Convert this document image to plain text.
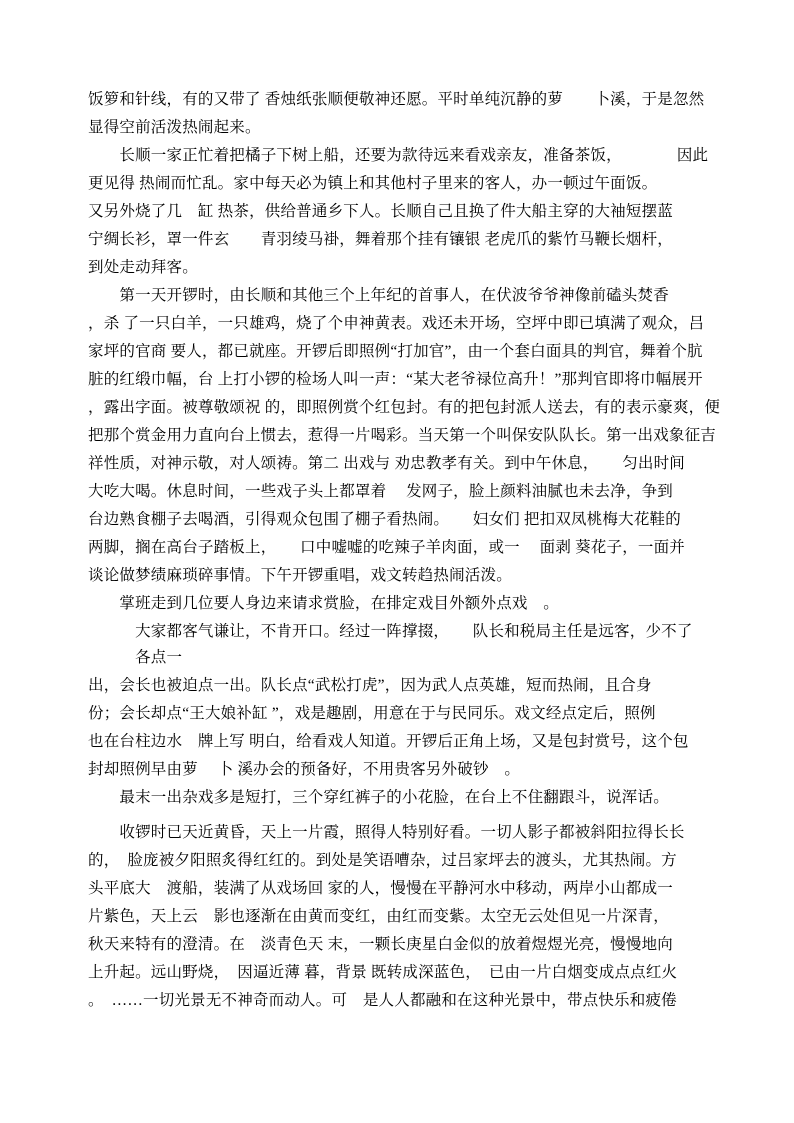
饭箩和针线，有的又带了 香烛纸张顺便敬神还愿。平时单纯沉静的萝　　卜溪，于是忽然
显得空前活泼热闹起来。
　　长顺一家正忙着把橘子下树上船，还要为款待远来看戏亲友，准备茶饭，　　　　因此
更见得 热闹而忙乱。家中每天必为镇上和其他村子里来的客人，办一顿过午面饭。
又另外烧了几　缸 热茶，供给普通乡下人。长顺自己且换了件大船主穿的大袖短摆蓝
宁绸长衫，罩一件玄　　青羽绫马褂，舞着那个挂有镶银 老虎爪的紫竹马鞭长烟杆，
到处走动拜客。
　　第一天开锣时，由长顺和其他三个上年纪的首事人，在伏波爷爷神像前磕头焚香
，杀 了一只白羊，一只雄鸡，烧了个申神黄表。戏还未开场，空坪中即已填满了观众，吕
家坪的官商 要人，都已就座。开锣后即照例“打加官”，由一个套白面具的判官，舞着个肮
脏的红缎巾幅，台 上打小锣的检场人叫一声：“某大老爷禄位高升！”那判官即将巾幅展开
，露出字面。被尊敬颂祝 的，即照例赏个红包封。有的把包封派人送去，有的表示豪爽，便
把那个赏金用力直向台上惯去，惹得一片喝彩。当天第一个叫保安队队长。第一出戏象征吉
祥性质，对神示敬，对人颂祷。第二 出戏与 劝忠教孝有关。到中午休息，　　匀出时间
大吃大喝。休息时间，一些戏子头上都罩着　 发网子，脸上颜料油腻也未去净，争到
台边熟食棚子去喝酒，引得观众包围了棚子看热闹。　　妇女们 把扣双凤桃梅大花鞋的
两脚，搁在高台子踏板上，　　口中嘘嘘的吃辣子羊肉面，或一　 面剥 葵花子，一面并
谈论做梦绩麻琐碎事情。下午开锣重唱，戏文转趋热闹活泼。
　　掌班走到几位要人身边来请求赏脸，在排定戏目外额外点戏　。
　　　大家都客气谦让，不肯开口。经过一阵撑掇，　　队长和税局主任是远客，少不了
　　　各点一
出，会长也被迫点一出。队长点“武松打虎”，因为武人点英雄，短而热闹，且合身
份；会长却点“王大娘补缸 ”，戏是趣剧，用意在于与民同乐。戏文经点定后，照例
也在台柱边水　牌上写 明白，给看戏人知道。开锣后正角上场，又是包封赏号，这个包
封却照例早由萝　 卜 溪办会的预备好，不用贵客另外破钞　。
　　最末一出杂戏多是短打，三个穿红裤子的小花脸，在台上不住翻跟斗，说浑话。
　　收锣时已天近黄昏，天上一片霞，照得人特别好看。一切人影子都被斜阳拉得长长
的，　脸庞被夕阳照炙得红红的。到处是笑语嘈杂，过吕家坪去的渡头，尤其热闹。方
头平底大　渡船，装满了从戏场回 家的人，慢慢在平静河水中移动，两岸小山都成一
片紫色，天上云　影也逐渐在由黄而变红，由红而变紫。太空无云处但见一片深青，
秋天来特有的澄清。在　淡青色天 末，一颗长庚星白金似的放着煜煜光亮，慢慢地向
上升起。远山野烧，　因逼近薄 暮，背景 既转成深蓝色，　已由一片白烟变成点点红火
。　……一切光景无不神奇而动人。可　是人人都融和在这种光景中，带点快乐和疲倦
